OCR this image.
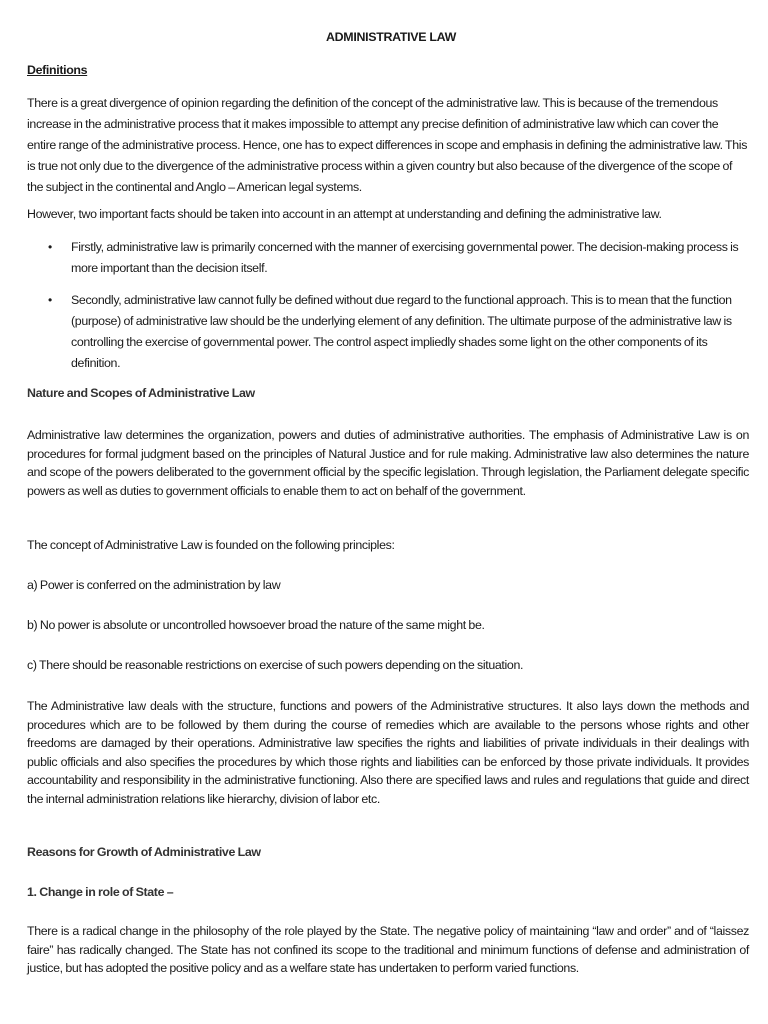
ADMINISTRATIVE LAW
Definitions
There is a great divergence of opinion regarding the definition of the concept of the administrative law. This is because of the tremendous increase in the administrative process that it makes impossible to attempt any precise definition of administrative law which can cover the entire range of the administrative process. Hence, one has to expect differences in scope and emphasis in defining the administrative law. This is true not only due to the divergence of the administrative process within a given country but also because of the divergence of the scope of the subject in the continental and Anglo – American legal systems.
However, two important facts should be taken into account in an attempt at understanding and defining the administrative law.
• Firstly, administrative law is primarily concerned with the manner of exercising governmental power. The decision-making process is more important than the decision itself.
• Secondly, administrative law cannot fully be defined without due regard to the functional approach. This is to mean that the function (purpose) of administrative law should be the underlying element of any definition. The ultimate purpose of the administrative law is controlling the exercise of governmental power. The control aspect impliedly shades some light on the other components of its definition.
Nature and Scopes of Administrative Law
Administrative law determines the organization, powers and duties of administrative authorities. The emphasis of Administrative Law is on procedures for formal judgment based on the principles of Natural Justice and for rule making. Administrative law also determines the nature and scope of the powers deliberated to the government official by the specific legislation. Through legislation, the Parliament delegate specific powers as well as duties to government officials to enable them to act on behalf of the government.
The concept of Administrative Law is founded on the following principles:
a) Power is conferred on the administration by law
b) No power is absolute or uncontrolled howsoever broad the nature of the same might be.
c) There should be reasonable restrictions on exercise of such powers depending on the situation.
The Administrative law deals with the structure, functions and powers of the Administrative structures. It also lays down the methods and procedures which are to be followed by them during the course of remedies which are available to the persons whose rights and other freedoms are damaged by their operations. Administrative law specifies the rights and liabilities of private individuals in their dealings with public officials and also specifies the procedures by which those rights and liabilities can be enforced by those private individuals. It provides accountability and responsibility in the administrative functioning. Also there are specified laws and rules and regulations that guide and direct the internal administration relations like hierarchy, division of labor etc.
Reasons for Growth of Administrative Law
1. Change in role of State –
There is a radical change in the philosophy of the role played by the State. The negative policy of maintaining “law and order” and of “laissez faire” has radically changed. The State has not confined its scope to the traditional and minimum functions of defense and administration of justice, but has adopted the positive policy and as a welfare state has undertaken to perform varied functions.
